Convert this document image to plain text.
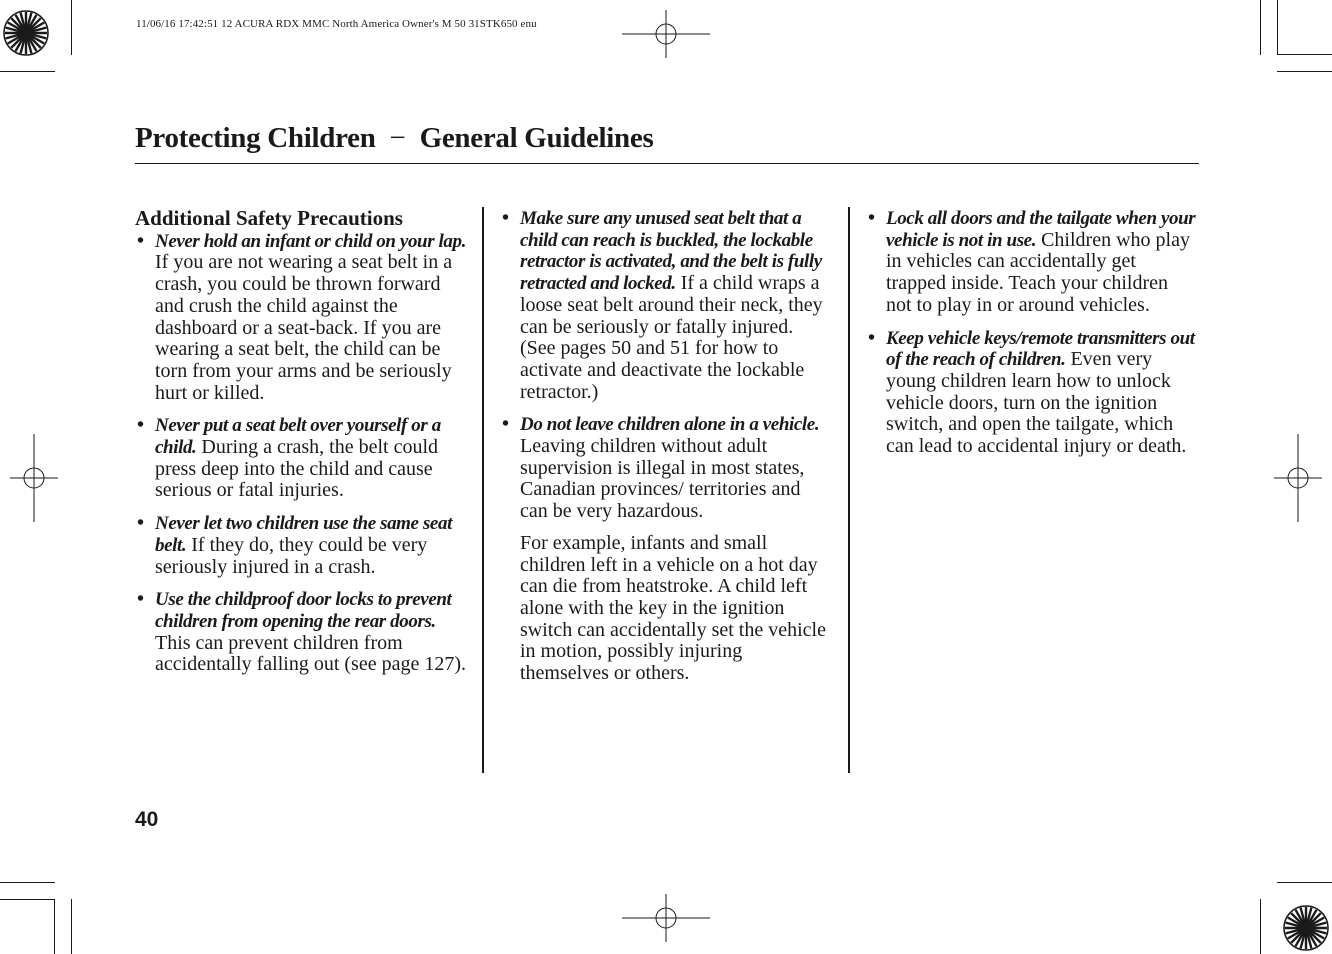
11/06/16 17:42:51 12 ACURA RDX MMC North America Owner's M 50 31STK650 enu
Protecting Children − General Guidelines
Additional Safety Precautions
• Never hold an infant or child on your lap. If you are not wearing a seat belt in a crash, you could be thrown forward and crush the child against the dashboard or a seat-back. If you are wearing a seat belt, the child can be torn from your arms and be seriously hurt or killed.
• Never put a seat belt over yourself or a child. During a crash, the belt could press deep into the child and cause serious or fatal injuries.
• Never let two children use the same seat belt. If they do, they could be very seriously injured in a crash.
• Use the childproof door locks to prevent children from opening the rear doors. This can prevent children from accidentally falling out (see page 127).
• Make sure any unused seat belt that a child can reach is buckled, the lockable retractor is activated, and the belt is fully retracted and locked. If a child wraps a loose seat belt around their neck, they can be seriously or fatally injured. (See pages 50 and 51 for how to activate and deactivate the lockable retractor.)
• Do not leave children alone in a vehicle. Leaving children without adult supervision is illegal in most states, Canadian provinces/ territories and can be very hazardous.

For example, infants and small children left in a vehicle on a hot day can die from heatstroke. A child left alone with the key in the ignition switch can accidentally set the vehicle in motion, possibly injuring themselves or others.

• Lock all doors and the tailgate when your vehicle is not in use. Children who play in vehicles can accidentally get trapped inside. Teach your children not to play in or around vehicles.
• Keep vehicle keys/remote transmitters out of the reach of children. Even very young children learn how to unlock vehicle doors, turn on the ignition switch, and open the tailgate, which can lead to accidental injury or death.
40
